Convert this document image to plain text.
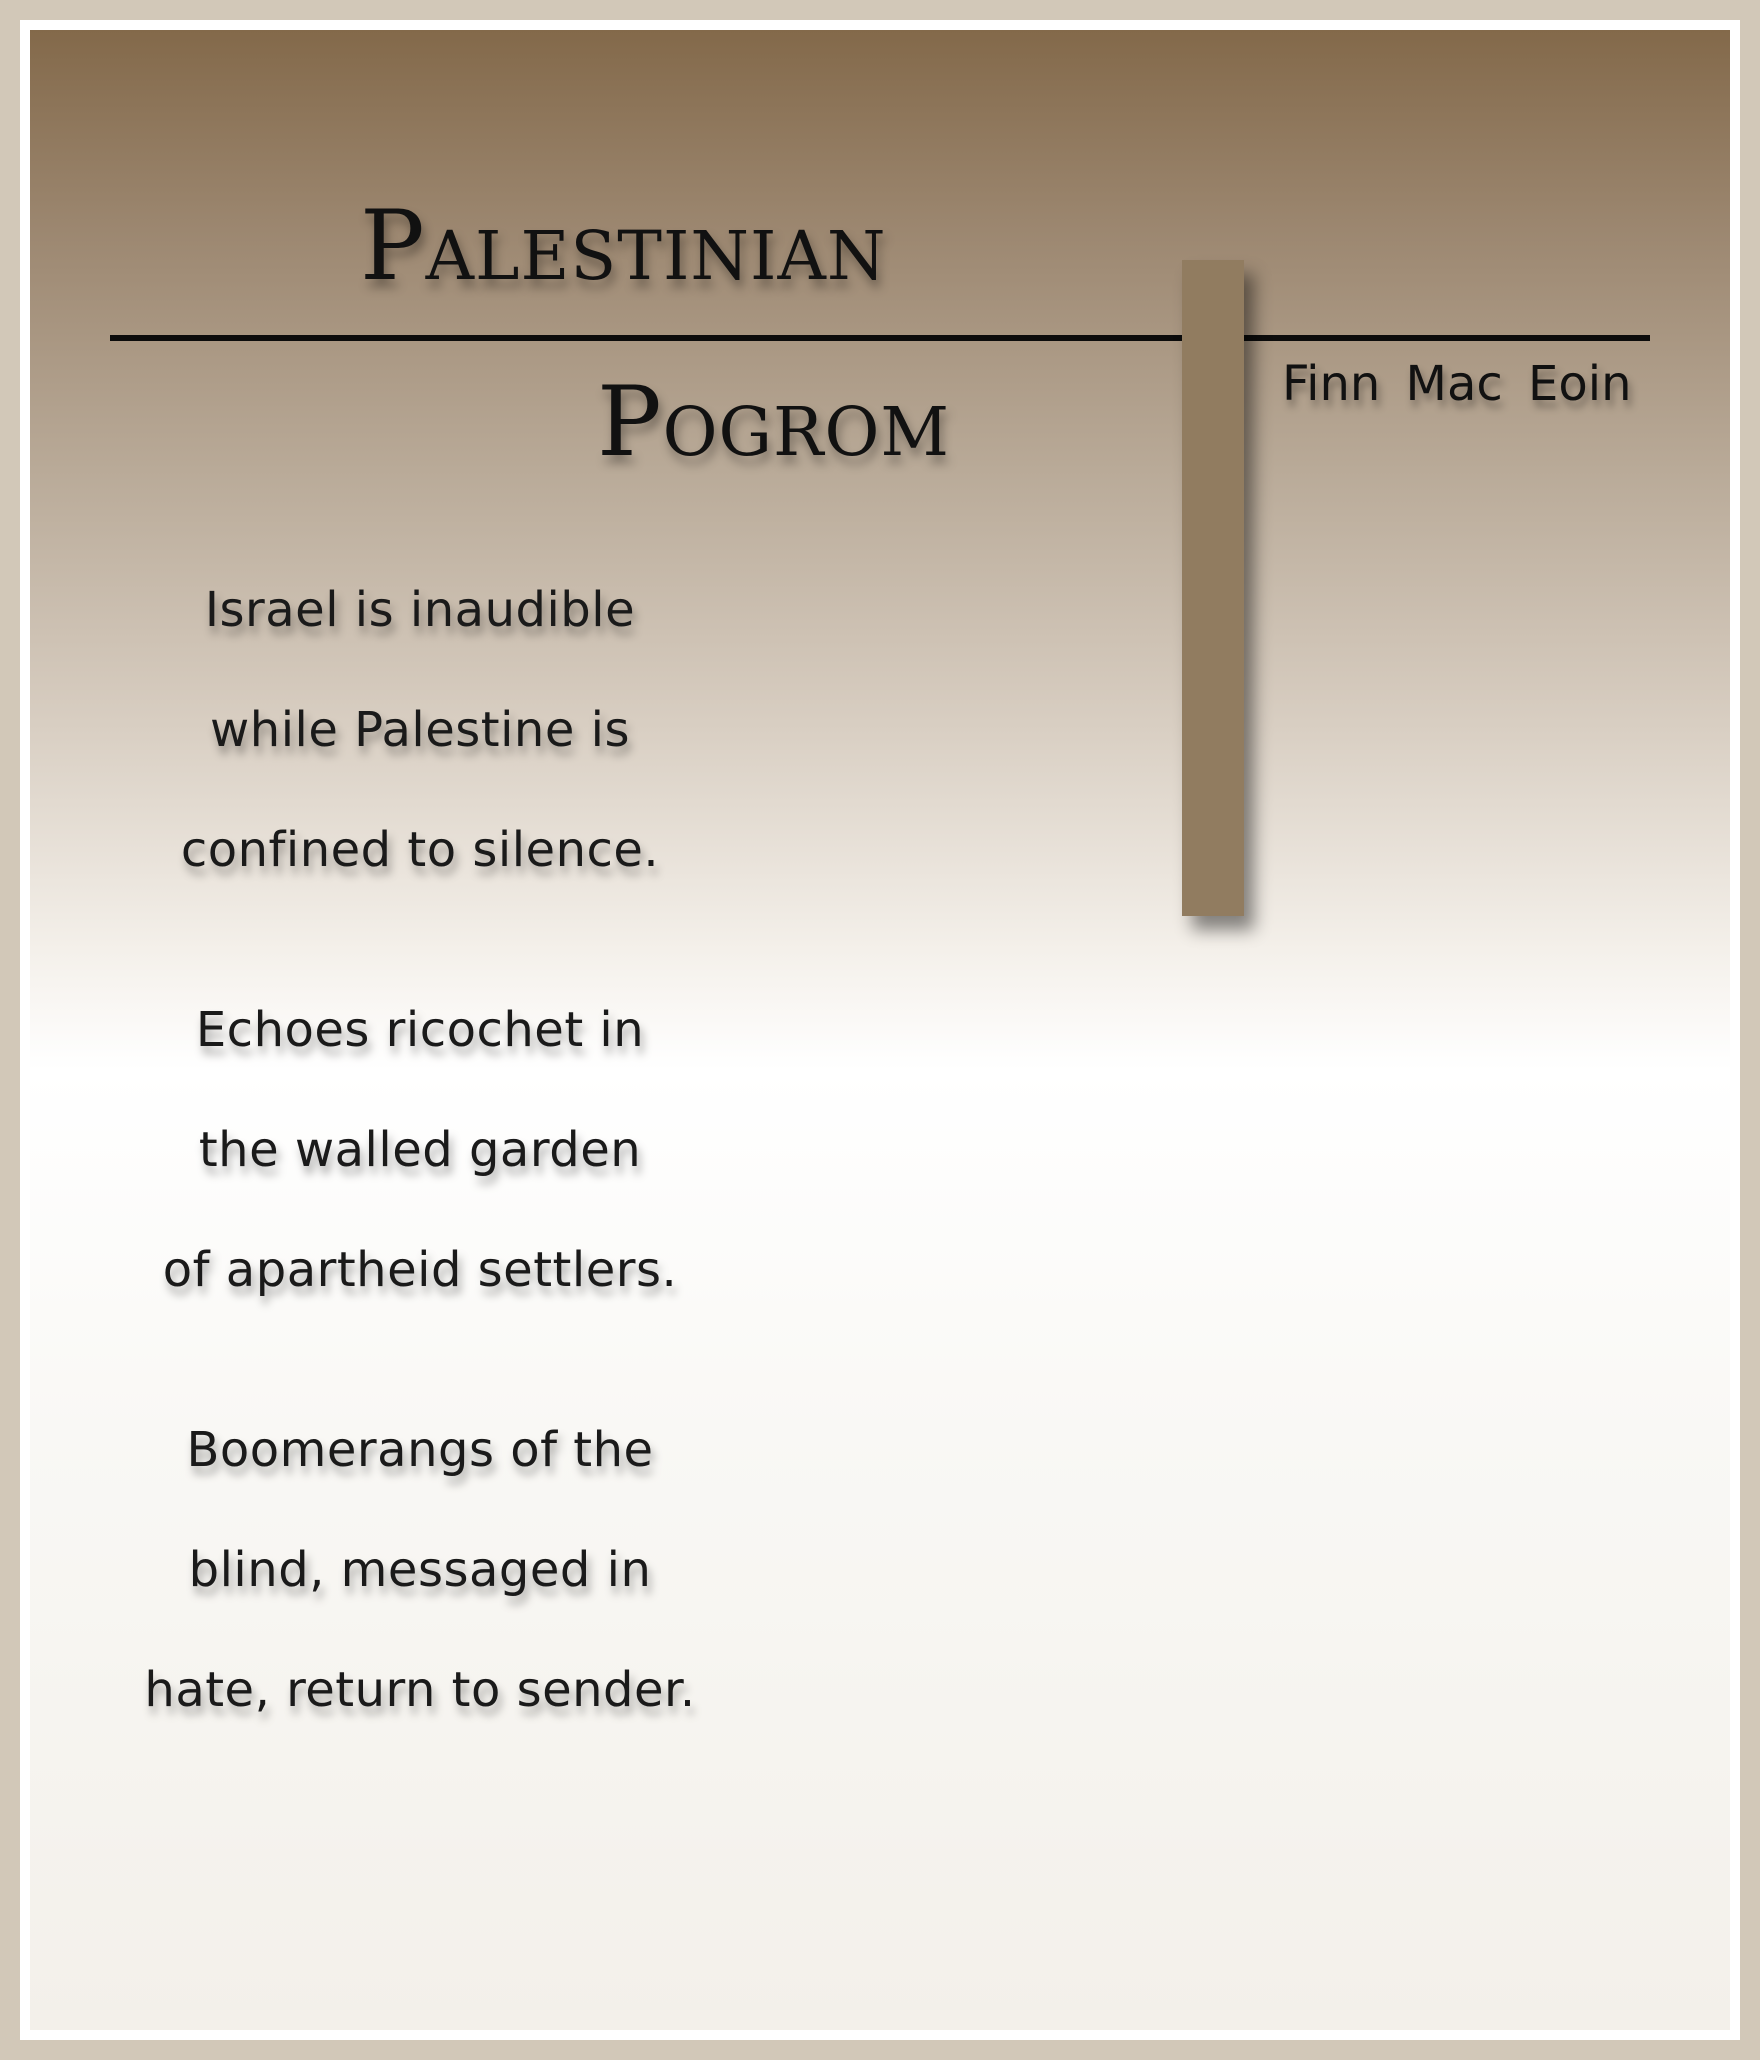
Palestinian
Pogrom	Finn Mac Eoin
Israel is inaudible
while Palestine is
confined to silence.
Echoes ricochet in
the walled garden
of apartheid settlers.
Boomerangs of the
blind, messaged in
hate, return to sender.
